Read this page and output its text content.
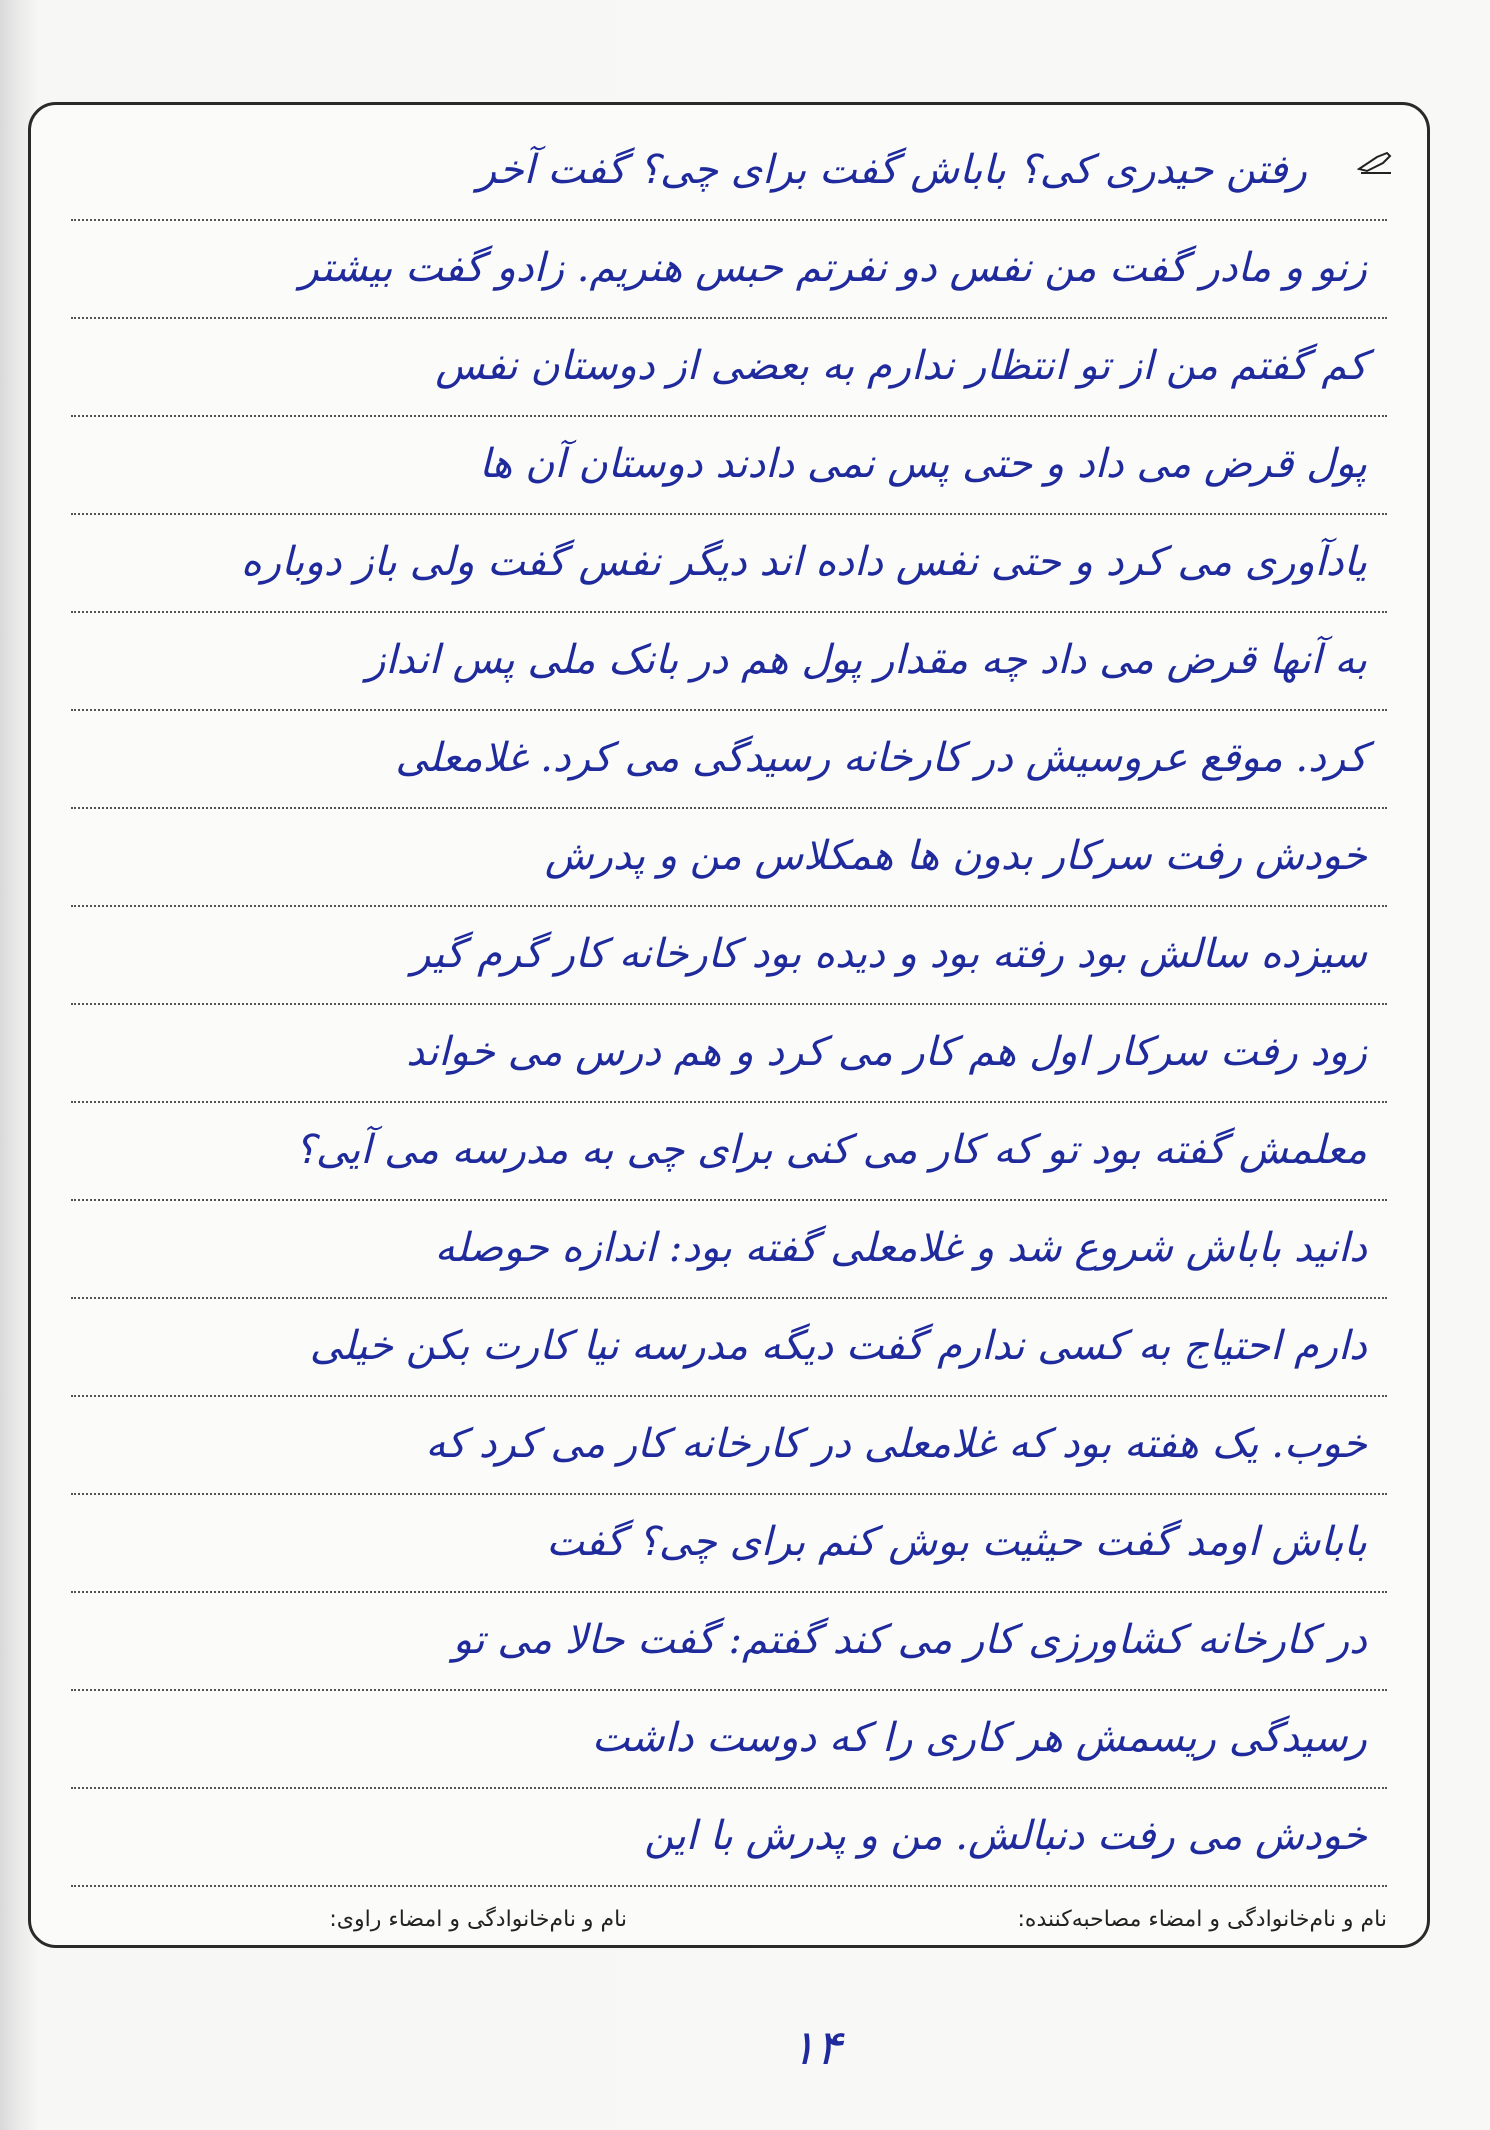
رفتن حیدری کی؟ باباش گفت برای چی؟ گفت آخر
زنو و مادر گفت من نفس دو نفرتم حبس هنریم. زادو گفت بیشتر
کم گفتم من از تو انتظار ندارم به بعضی از دوستان نفس
پول قرض می داد و حتی پس نمی دادند دوستان آن ها
یادآوری می کرد و حتی نفس داده اند دیگر نفس گفت ولی باز دوباره
به آنها قرض می داد چه مقدار پول هم در بانک ملی پس انداز
کرد. موقع عروسیش در کارخانه رسیدگی می کرد. غلامعلی
خودش رفت سرکار بدون ها همکلاس من و پدرش
سیزده سالش بود رفته بود و دیده بود کارخانه کار گرم گیر
زود رفت سرکار اول هم کار می کرد و هم درس می خواند
معلمش گفته بود تو که کار می کنی برای چی به مدرسه می آیی؟
دانید باباش شروع شد و غلامعلی گفته بود: اندازه حوصله
دارم احتیاج به کسی ندارم گفت دیگه مدرسه نیا کارت بکن خیلی
خوب. یک هفته بود که غلامعلی در کارخانه کار می کرد که
باباش اومد گفت حیثیت بوش کنم برای چی؟ گفت
در کارخانه کشاورزی کار می کند گفتم: گفت حالا می تو
رسیدگی ریسمش هر کاری را که دوست داشت
خودش می رفت دنبالش. من و پدرش با این
نام و نام‌خانوادگی و امضاء مصاحبه‌کننده:
نام و نام‌خانوادگی و امضاء راوی:
۱۴
